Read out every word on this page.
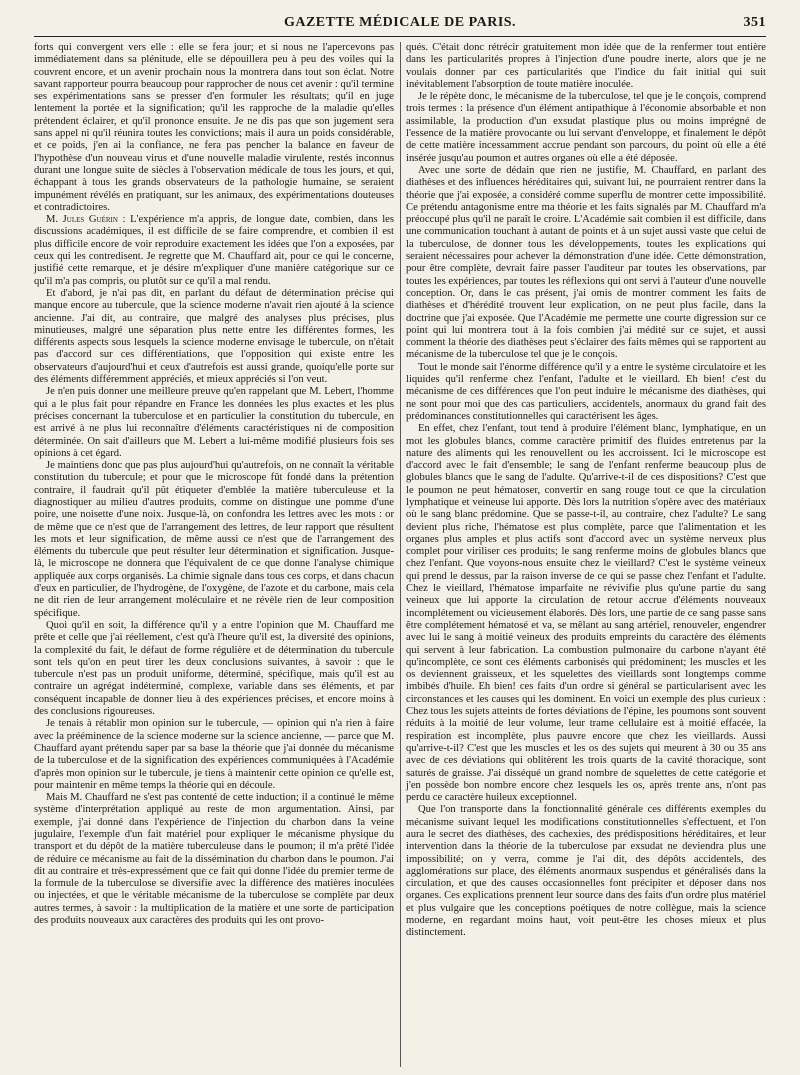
GAZETTE MÉDICALE DE PARIS.	351

forts qui convergent vers elle : elle se fera jour; et si nous ne l'apercevons pas immédiatement dans sa plénitude, elle se dépouillera peu à peu des voiles qui la couvrent encore, et un avenir prochain nous la montrera dans tout son éclat. Notre savant rapporteur pourra beaucoup pour rapprocher de nous cet avenir : qu'il termine ses expérimentations sans se presser d'en formuler les résultats; qu'il en juge lentement la portée et la signification; qu'il les rapproche de la maladie qu'elles prétendent éclairer, et qu'il prononce ensuite. Je ne dis pas que son jugement sera sans appel ni qu'il réunira toutes les convictions; mais il aura un poids considérable, et ce poids, j'en ai la confiance, ne fera pas pencher la balance en faveur de l'hypothèse d'un nouveau virus et d'une nouvelle maladie virulente, restés inconnus durant une longue suite de siècles à l'observation médicale de tous les jours, et qui, échappant à tous les grands observateurs de la pathologie humaine, se seraient impunément révélés en pratiquant, sur les animaux, des expérimentations douteuses et contradictoires.

M. Jules Guérin : L'expérience m'a appris, de longue date, combien, dans les discussions académiques, il est difficile de se faire comprendre, et combien il est plus difficile encore de voir reproduire exactement les idées que l'on a exposées, par ceux qui les contredisent. Je regrette que M. Chauffard ait, pour ce qui le concerne, justifié cette remarque, et je désire m'expliquer d'une manière catégorique sur ce qu'il m'a pas compris, ou plutôt sur ce qu'il a mal rendu.

Et d'abord, je n'ai pas dit, en parlant du défaut de détermination précise qui manque encore au tubercule, que la science moderne n'avait rien ajouté à la science ancienne. J'ai dit, au contraire, que malgré des analyses plus précises, plus minutieuses, malgré une séparation plus nette entre les différentes formes, les différents aspects sous lesquels la science moderne envisage le tubercule, on n'était pas d'accord sur ces différentiations, que l'opposition qui existe entre les observateurs d'aujourd'hui et ceux d'autrefois est aussi grande, quoiqu'elle porte sur des éléments différemment appréciés, et mieux appréciés si l'on veut.

Je n'en puis donner une meilleure preuve qu'en rappelant que M. Lebert, l'homme qui a le plus fait pour répandre en France les données les plus exactes et les plus précises concernant la tuberculose et en particulier la constitution du tubercule, en est arrivé à ne plus lui reconnaître d'éléments caractéristiques ni de composition déterminée. On sait d'ailleurs que M. Lebert a lui-même modifié plusieurs fois ses opinions à cet égard.

Je maintiens donc que pas plus aujourd'hui qu'autrefois, on ne connaît la véritable constitution du tubercule; et pour que le microscope fût fondé dans la prétention contraire, il faudrait qu'il pût étiqueter d'emblée la matière tuberculeuse et la diagnostiquer au milieu d'autres produits, comme on distingue une pomme d'une poire, une noisette d'une noix. Jusque-là, on confondra les lettres avec les mots : or de même que ce n'est que de l'arrangement des lettres, de leur rapport que résultent les mots et leur signification, de même aussi ce n'est que de l'arrangement des éléments du tubercule que peut résulter leur détermination et signification. Jusque-là, le microscope ne donnera que l'équivalent de ce que donne l'analyse chimique appliquée aux corps organisés. La chimie signale dans tous ces corps, et dans chacun d'eux en particulier, de l'hydrogène, de l'oxygène, de l'azote et du carbone, mais cela ne dit rien de leur arrangement moléculaire et ne révèle rien de leur composition spécifique.

Quoi qu'il en soit, la différence qu'il y a entre l'opinion que M. Chauffard me prête et celle que j'ai réellement, c'est qu'à l'heure qu'il est, la diversité des opinions, la complexité du fait, le défaut de forme régulière et de détermination du tubercule sont tels qu'on en peut tirer les deux conclusions suivantes, à savoir : que le tubercule n'est pas un produit uniforme, déterminé, spécifique, mais qu'il est au contraire un agrégat indéterminé, complexe, variable dans ses éléments, et par conséquent incapable de donner lieu à des expériences précises, et encore moins à des conclusions rigoureuses.

Je tenais à rétablir mon opinion sur le tubercule, — opinion qui n'a rien à faire avec la prééminence de la science moderne sur la science ancienne, — parce que M. Chauffard ayant prétendu saper par sa base la théorie que j'ai donnée du mécanisme de la tuberculose et de la signification des expériences communiquées à l'Académie d'après mon opinion sur le tubercule, je tiens à maintenir cette opinion ce qu'elle est, pour maintenir en même temps la théorie qui en découle.

Mais M. Chauffard ne s'est pas contenté de cette induction; il a continué le même système d'interprétation appliqué au reste de mon argumentation. Ainsi, par exemple, j'ai donné dans l'expérience de l'injection du charbon dans la veine jugulaire, l'exemple d'un fait matériel pour expliquer le mécanisme physique du transport et du dépôt de la matière tuberculeuse dans le poumon; il m'a prêté l'idée de réduire ce mécanisme au fait de la dissémination du charbon dans le poumon. J'ai dit au contraire et très-expressément que ce fait qui donne l'idée du premier terme de la formule de la tuberculose se diversifie avec la différence des matières inoculées ou injectées, et que le véritable mécanisme de la tuberculose se complète par deux autres termes, à savoir : la multiplication de la matière et une sorte de participation des produits nouveaux aux caractères des produits qui les ont provo-

qués. C'était donc rétrécir gratuitement mon idée que de la renfermer tout entière dans les particularités propres à l'injection d'une poudre inerte, alors que je ne voulais donner par ces particularités que l'indice du fait initial qui suit inévitablement l'absorption de toute matière inoculée.

Je le répète donc, le mécanisme de la tuberculose, tel que je le conçois, comprend trois termes : la présence d'un élément antipathique à l'économie absorbable et non assimilable, la production d'un exsudat plastique plus ou moins imprégné de l'essence de la matière provocante ou lui servant d'enveloppe, et finalement le dépôt de cette matière incessamment accrue pendant son parcours, du point où elle a été insérée jusqu'au poumon et autres organes où elle a été déposée.

Avec une sorte de dédain que rien ne justifie, M. Chauffard, en parlant des diathèses et des influences héréditaires qui, suivant lui, ne pourraient rentrer dans la théorie que j'ai exposée, a considéré comme superflu de montrer cette impossibilité. Ce prétendu antagonisme entre ma théorie et les faits signalés par M. Chauffard m'a préoccupé plus qu'il ne paraît le croire. L'Académie sait combien il est difficile, dans une communication touchant à autant de points et à un sujet aussi vaste que celui de la tuberculose, de donner tous les développements, toutes les explications qui seraient nécessaires pour achever la démonstration d'une idée. Cette démonstration, pour être complète, devrait faire passer l'auditeur par toutes les observations, par toutes les expériences, par toutes les réflexions qui ont servi à l'auteur d'une nouvelle conception. Or, dans le cas présent, j'ai omis de montrer comment les faits de diathèses et d'hérédité trouvent leur explication, on ne peut plus facile, dans la doctrine que j'ai exposée. Que l'Académie me permette une courte digression sur ce point qui lui montrera tout à la fois combien j'ai médité sur ce sujet, et aussi comment la théorie des diathèses peut s'éclairer des faits mêmes qui se rapportent au mécanisme de la tuberculose tel que je le conçois.

Tout le monde sait l'énorme différence qu'il y a entre le système circulatoire et les liquides qu'il renferme chez l'enfant, l'adulte et le vieillard. Eh bien! c'est du mécanisme de ces différences que l'on peut induire le mécanisme des diathèses, qui ne sont pour moi que des cas particuliers, accidentels, anormaux du grand fait des prédominances constitutionnelles qui caractérisent les âges.

En effet, chez l'enfant, tout tend à produire l'élément blanc, lymphatique, en un mot les globules blancs, comme caractère primitif des fluides entretenus par la nature des aliments qui les renouvellent ou les accroissent. Ici le microscope est d'accord avec le fait d'ensemble; le sang de l'enfant renferme beaucoup plus de globules blancs que le sang de l'adulte. Qu'arrive-t-il de ces dispositions? C'est que le poumon ne peut hématoser, convertir en sang rouge tout ce que la circulation lymphatique et veineuse lui apporte. Dès lors la nutrition s'opère avec des matériaux où le sang blanc prédomine. Que se passe-t-il, au contraire, chez l'adulte? Le sang devient plus riche, l'hématose est plus complète, parce que l'alimentation et les organes plus amples et plus actifs sont d'accord avec un système nerveux plus complet pour viriliser ces produits; le sang renferme moins de globules blancs que chez l'enfant. Que voyons-nous ensuite chez le vieillard? C'est le système veineux qui prend le dessus, par la raison inverse de ce qui se passe chez l'enfant et l'adulte. Chez le vieillard, l'hématose imparfaite ne révivifie plus qu'une partie du sang veineux que lui apporte la circulation de retour accrue d'éléments nouveaux incomplétement ou vicieusement élaborés. Dès lors, une partie de ce sang passe sans être complétement hématosé et va, se mêlant au sang artériel, renouveler, engendrer avec lui le sang à moitié veineux des produits empreints du caractère des éléments qui servent à leur fabrication. La combustion pulmonaire du carbone n'ayant été qu'incomplète, ce sont ces éléments carbonisés qui prédominent; les muscles et les os deviennent graisseux, et les squelettes des vieillards sont longtemps comme imbibés d'huile. Eh bien! ces faits d'un ordre si général se particularisent avec les circonstances et les causes qui les dominent. En voici un exemple des plus curieux : Chez tous les sujets atteints de fortes déviations de l'épine, les poumons sont souvent réduits à la moitié de leur volume, leur trame cellulaire est à moitié effacée, la respiration est incomplète, plus pauvre encore que chez les vieillards. Aussi qu'arrive-t-il? C'est que les muscles et les os des sujets qui meurent à 30 ou 35 ans avec de ces déviations qui oblitèrent les trois quarts de la cavité thoracique, sont saturés de graisse. J'ai disséqué un grand nombre de squelettes de cette catégorie et j'en possède bon nombre encore chez lesquels les os, après trente ans, n'ont pas perdu ce caractère huileux exceptionnel.

Que l'on transporte dans la fonctionnalité générale ces différents exemples du mécanisme suivant lequel les modifications constitutionnelles s'effectuent, et l'on aura le secret des diathèses, des cachexies, des prédispositions héréditaires, et leur intervention dans la théorie de la tuberculose par exsudat ne deviendra plus une impossibilité; on y verra, comme je l'ai dit, des dépôts accidentels, des agglomérations sur place, des éléments anormaux suspendus et généralisés dans la circulation, et que des causes occasionnelles font précipiter et déposer dans nos organes. Ces explications prennent leur source dans des faits d'un ordre plus matériel et plus vulgaire que les conceptions poétiques de notre collègue, mais la science moderne, en regardant moins haut, voit peut-être les choses mieux et plus distinctement.
